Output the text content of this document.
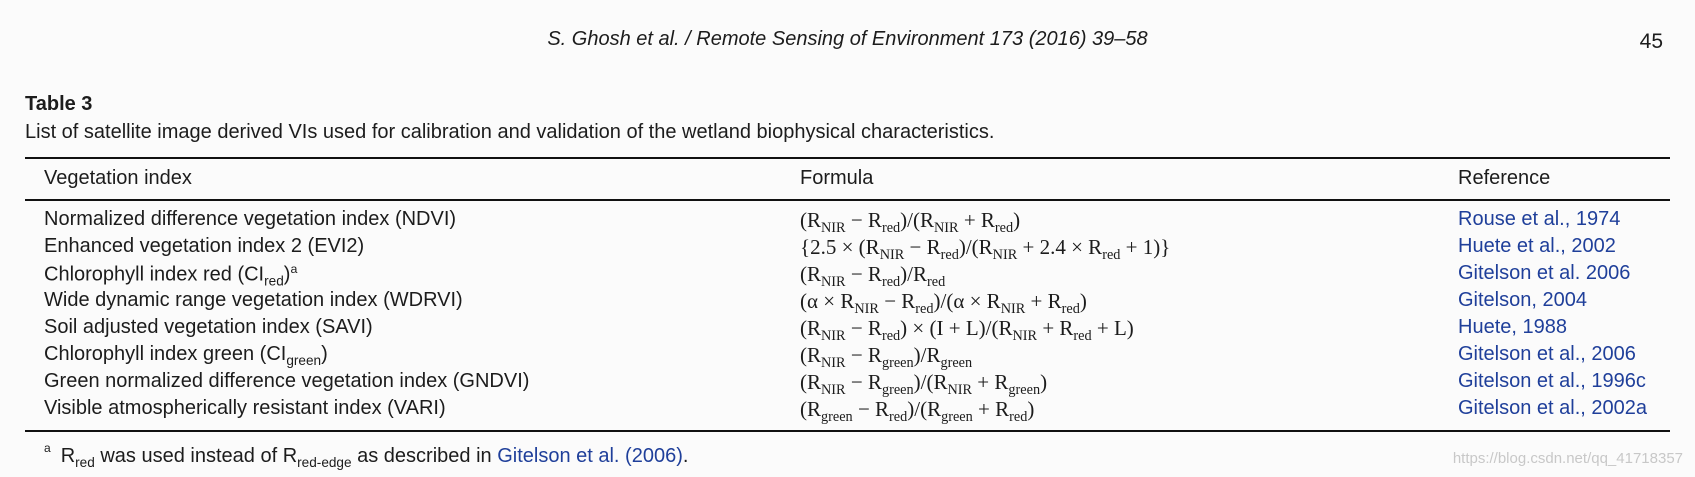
S. Ghosh et al. / Remote Sensing of Environment 173 (2016) 39–58	45
Table 3
List of satellite image derived VIs used for calibration and validation of the wetland biophysical characteristics.
Vegetation index	Formula	Reference
Normalized difference vegetation index (NDVI)	$(R_{NIR} - R_{red})/(R_{NIR} + R_{red})$	Rouse et al., 1974
Enhanced vegetation index 2 (EVI2)	$\{2.5 \times (R_{NIR} - R_{red})/(R_{NIR} + 2.4 \times R_{red} + 1)\}$	Huete et al., 2002
Chlorophyll index red $(CI_{red})^a$	$(R_{NIR} - R_{red})/R_{red}$	Gitelson et al. 2006
Wide dynamic range vegetation index (WDRVI)	$(\alpha \times R_{NIR} - R_{red})/(\alpha \times R_{NIR} + R_{red})$	Gitelson, 2004
Soil adjusted vegetation index (SAVI)	$(R_{NIR} - R_{red}) \times (I + L)/(R_{NIR} + R_{red} + L)$	Huete, 1988
Chlorophyll index green $(CI_{green})$	$(R_{NIR} - R_{green})/R_{green}$	Gitelson et al., 2006
Green normalized difference vegetation index (GNDVI)	$(R_{NIR} - R_{green})/(R_{NIR} + R_{green})$	Gitelson et al., 1996c
Visible atmospherically resistant index (VARI)	$(R_{green} - R_{red})/(R_{green} + R_{red})$	Gitelson et al., 2002a
$^a$ $R_{red}$ was used instead of $R_{red-edge}$ as described in Gitelson et al. (2006).	https://blog.csdn.net/qq_41718357
